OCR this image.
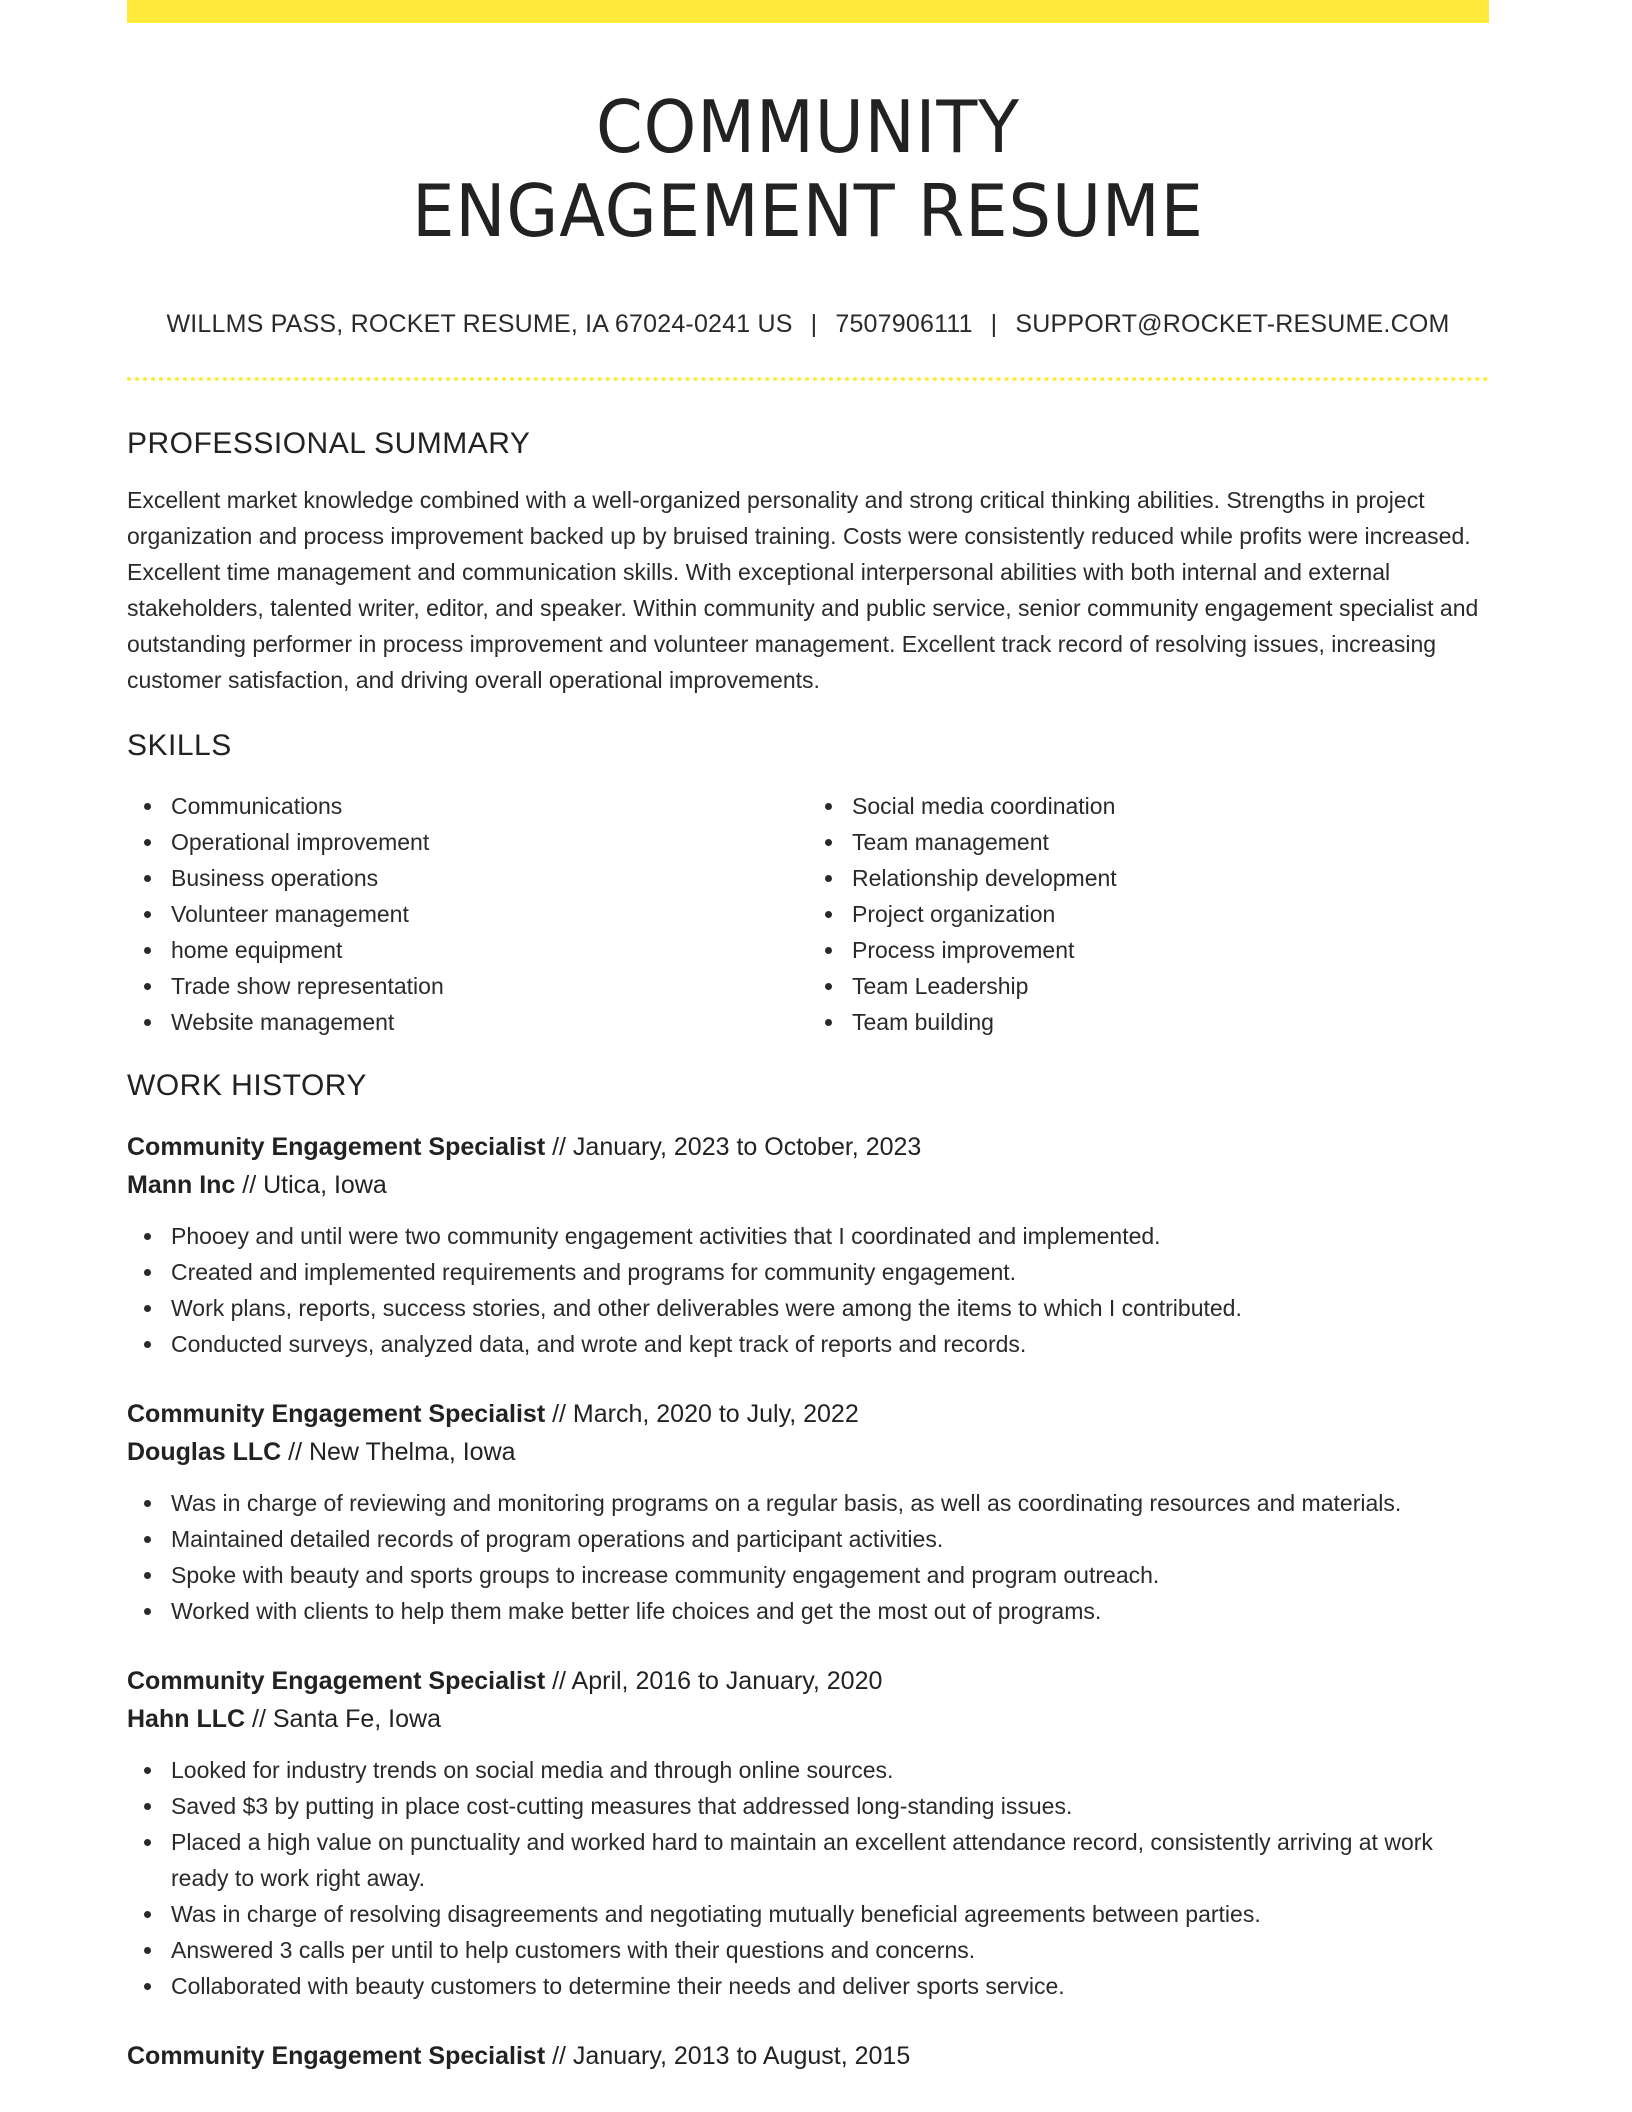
COMMUNITY
ENGAGEMENT RESUME
WILLMS PASS, ROCKET RESUME, IA 67024-0241 US | 7507906111 | SUPPORT@ROCKET-RESUME.COM
PROFESSIONAL SUMMARY

Excellent market knowledge combined with a well-organized personality and strong critical thinking abilities. Strengths in project organization and process improvement backed up by bruised training. Costs were consistently reduced while profits were increased. Excellent time management and communication skills. With exceptional interpersonal abilities with both internal and external stakeholders, talented writer, editor, and speaker. Within community and public service, senior community engagement specialist and outstanding performer in process improvement and volunteer management. Excellent track record of resolving issues, increasing customer satisfaction, and driving overall operational improvements.

SKILLS
Communications
Operational improvement
Business operations
Volunteer management
home equipment
Trade show representation
Website management
Social media coordination
Team management
Relationship development
Project organization
Process improvement
Team Leadership
Team building
WORK HISTORY
Community Engagement Specialist // January, 2023 to October, 2023
Mann Inc // Utica, Iowa
Phooey and until were two community engagement activities that I coordinated and implemented.
Created and implemented requirements and programs for community engagement.
Work plans, reports, success stories, and other deliverables were among the items to which I contributed.
Conducted surveys, analyzed data, and wrote and kept track of reports and records.
Community Engagement Specialist // March, 2020 to July, 2022
Douglas LLC // New Thelma, Iowa
Was in charge of reviewing and monitoring programs on a regular basis, as well as coordinating resources and materials.
Maintained detailed records of program operations and participant activities.
Spoke with beauty and sports groups to increase community engagement and program outreach.
Worked with clients to help them make better life choices and get the most out of programs.
Community Engagement Specialist // April, 2016 to January, 2020
Hahn LLC // Santa Fe, Iowa
Looked for industry trends on social media and through online sources.
Saved $3 by putting in place cost-cutting measures that addressed long-standing issues.
Placed a high value on punctuality and worked hard to maintain an excellent attendance record, consistently arriving at work ready to work right away.
Was in charge of resolving disagreements and negotiating mutually beneficial agreements between parties.
Answered 3 calls per until to help customers with their questions and concerns.
Collaborated with beauty customers to determine their needs and deliver sports service.
Community Engagement Specialist // January, 2013 to August, 2015
